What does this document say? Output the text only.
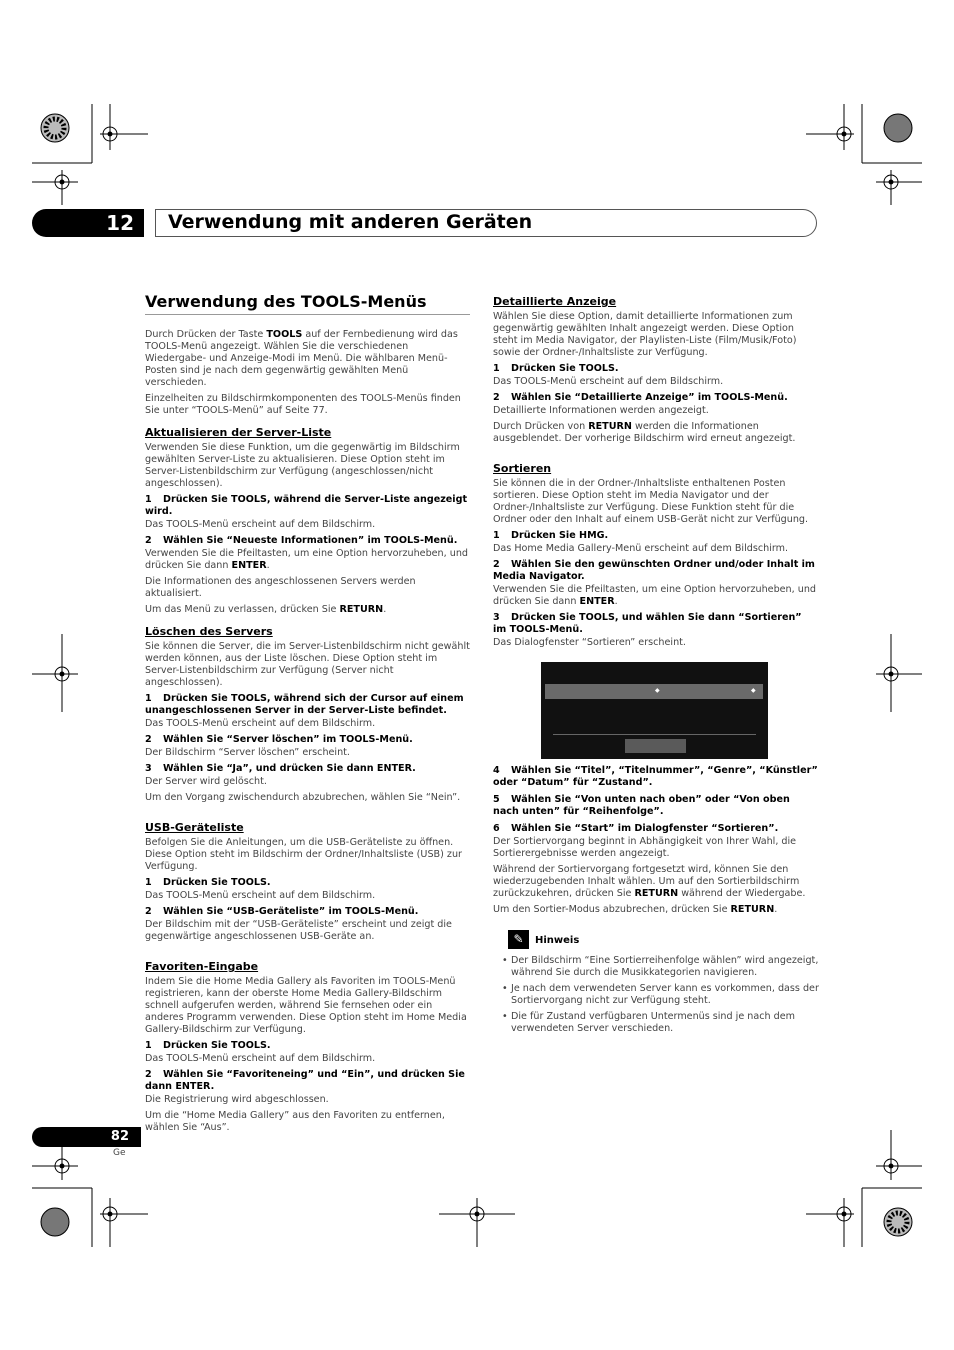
12	Verwendung mit anderen Geräten
Verwendung des TOOLS-Menüs

Durch Drücken der Taste TOOLS auf der Fernbedienung wird das TOOLS-Menü angezeigt. Wählen Sie die verschiedenen Wiedergabe- und Anzeige-Modi im Menü. Die wählbaren Menü-Posten sind je nach dem gegenwärtig gewählten Menü verschieden.

Einzelheiten zu Bildschirmkomponenten des TOOLS-Menüs finden Sie unter “TOOLS-Menü” auf Seite 77.

Aktualisieren der Server-Liste

Verwenden Sie diese Funktion, um die gegenwärtig im Bildschirm gewählten Server-Liste zu aktualisieren. Diese Option steht im Server-Listenbildschirm zur Verfügung (angeschlossen/nicht angeschlossen).

1 Drücken Sie TOOLS, während die Server-Liste angezeigt wird.

Das TOOLS-Menü erscheint auf dem Bildschirm.

2 Wählen Sie “Neueste Informationen” im TOOLS-Menü.

Verwenden Sie die Pfeiltasten, um eine Option hervorzuheben, und drücken Sie dann ENTER.

Die Informationen des angeschlossenen Servers werden aktualisiert.

Um das Menü zu verlassen, drücken Sie RETURN.

Löschen des Servers

Sie können die Server, die im Server-Listenbildschirm nicht gewählt werden können, aus der Liste löschen. Diese Option steht im Server-Listenbildschirm zur Verfügung (Server nicht angeschlossen).

1 Drücken Sie TOOLS, während sich der Cursor auf einem unangeschlossenen Server in der Server-Liste befindet.

Das TOOLS-Menü erscheint auf dem Bildschirm.

2 Wählen Sie “Server löschen” im TOOLS-Menü.

Der Bildschirm “Server löschen” erscheint.

3 Wählen Sie “Ja”, und drücken Sie dann ENTER.

Der Server wird gelöscht.

Um den Vorgang zwischendurch abzubrechen, wählen Sie “Nein”.

USB-Geräteliste

Befolgen Sie die Anleitungen, um die USB-Geräteliste zu öffnen. Diese Option steht im Bildschirm der Ordner/Inhaltsliste (USB) zur Verfügung.

1 Drücken Sie TOOLS.

Das TOOLS-Menü erscheint auf dem Bildschirm.

2 Wählen Sie “USB-Geräteliste” im TOOLS-Menü.

Der Bildschim mit der “USB-Geräteliste” erscheint und zeigt die gegenwärtige angeschlossenen USB-Geräte an.

Favoriten-Eingabe

Indem Sie die Home Media Gallery als Favoriten im TOOLS-Menü registrieren, kann der oberste Home Media Gallery-Bildschirm schnell aufgerufen werden, während Sie fernsehen oder ein anderes Programm verwenden. Diese Option steht im Home Media Gallery-Bildschirm zur Verfügung.

1 Drücken Sie TOOLS.

Das TOOLS-Menü erscheint auf dem Bildschirm.

2 Wählen Sie “Favoriteneing” und “Ein”, und drücken Sie dann ENTER.

Die Registrierung wird abgeschlossen.

Um die “Home Media Gallery” aus den Favoriten zu entfernen, wählen Sie “Aus”.

Detaillierte Anzeige

Wählen Sie diese Option, damit detaillierte Informationen zum gegenwärtig gewählten Inhalt angezeigt werden. Diese Option steht im Media Navigator, der Playlisten-Liste (Film/Musik/Foto) sowie der Ordner-/Inhaltsliste zur Verfügung.

1 Drücken Sie TOOLS.

Das TOOLS-Menü erscheint auf dem Bildschirm.

2 Wählen Sie “Detaillierte Anzeige” im TOOLS-Menü.

Detaillierte Informationen werden angezeigt.

Durch Drücken von RETURN werden die Informationen ausgeblendet. Der vorherige Bildschirm wird erneut angezeigt.

Sortieren

Sie können die in der Ordner-/Inhaltsliste enthaltenen Posten sortieren. Diese Option steht im Media Navigator und der Ordner-/Inhaltsliste zur Verfügung. Diese Funktion steht für die Ordner oder den Inhalt auf einem USB-Gerät nicht zur Verfügung.

1 Drücken Sie HMG.

Das Home Media Gallery-Menü erscheint auf dem Bildschirm.

2 Wählen Sie den gewünschten Ordner und/oder Inhalt im Media Navigator.

Verwenden Sie die Pfeiltasten, um eine Option hervorzuheben, und drücken Sie dann ENTER.

3 Drücken Sie TOOLS, und wählen Sie dann “Sortieren” im TOOLS-Menü.

Das Dialogfenster “Sortieren” erscheint.

◆	◆
4 Wählen Sie “Titel”, “Titelnummer”, “Genre”, “Künstler” oder “Datum” für “Zustand”.
5 Wählen Sie “Von unten nach oben” oder “Von oben nach unten” für “Reihenfolge”.
6 Wählen Sie “Start” im Dialogfenster “Sortieren”.

Der Sortiervorgang beginnt in Abhängigkeit von Ihrer Wahl, die Sortierergebnisse werden angezeigt.

Während der Sortiervorgang fortgesetzt wird, können Sie den wiederzugebenden Inhalt wählen. Um auf den Sortierbildschirm zurückzukehren, drücken Sie RETURN während der Wiedergabe.

Um den Sortier-Modus abzubrechen, drücken Sie RETURN.

✎	Hinweis
• Der Bildschirm “Eine Sortierreihenfolge wählen” wird angezeigt, während Sie durch die Musikkategorien navigieren.
• Je nach dem verwendeten Server kann es vorkommen, dass der Sortiervorgang nicht zur Verfügung steht.
• Die für Zustand verfügbaren Untermenüs sind je nach dem verwendeten Server verschieden.
82
Ge
